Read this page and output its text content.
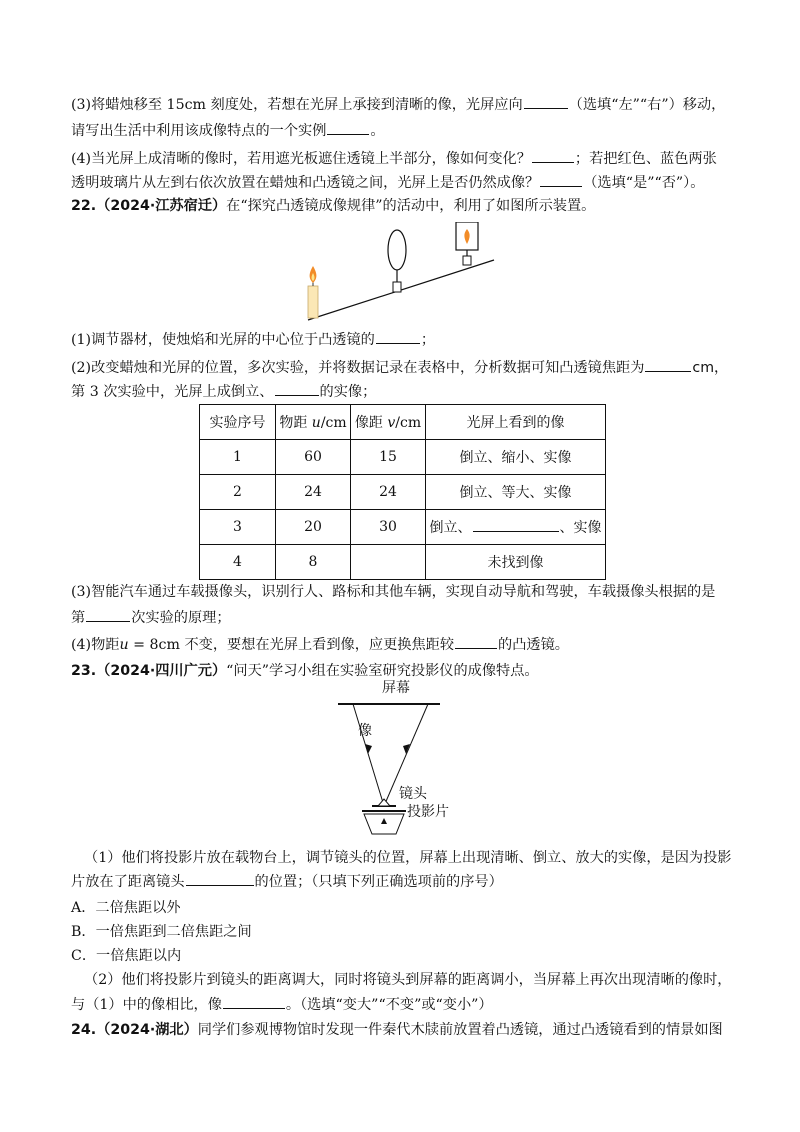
(3)将蜡烛移至 15cm 刻度处，若想在光屏上承接到清晰的像，光屏应向	（选填“左”“右”）移动，
请写出生活中利用该成像特点的一个实例	。
(4)当光屏上成清晰的像时，若用遮光板遮住透镜上半部分，像如何变化？	；若把红色、蓝色两张
透明玻璃片从左到右依次放置在蜡烛和凸透镜之间，光屏上是否仍然成像？	（选填“是”“否”）。
22.（2024·江苏宿迁）在“探究凸透镜成像规律”的活动中，利用了如图所示装置。
(1)调节器材，使烛焰和光屏的中心位于凸透镜的	；
(2)改变蜡烛和光屏的位置，多次实验，并将数据记录在表格中，分析数据可知凸透镜焦距为	cm，
第 3 次实验中，光屏上成倒立、	的实像；
实验序号	物距 u/cm	像距 v/cm	光屏上看到的像
1	60	15	倒立、缩小、实像
2	24	24	倒立、等大、实像
3	20	30	倒立、 、实像
4	8		未找到像
(3)智能汽车通过车载摄像头，识别行人、路标和其他车辆，实现自动导航和驾驶，车载摄像头根据的是
第	次实验的原理；
(4)物距u = 8cm 不变，要想在光屏上看到像，应更换焦距较	的凸透镜。
23.（2024·四川广元）“问天”学习小组在实验室研究投影仪的成像特点。
屏幕
像
镜头
投影片
（1）他们将投影片放在载物台上，调节镜头的位置，屏幕上出现清晰、倒立、放大的实像，是因为投影
片放在了距离镜头	的位置；（只填下列正确选项前的序号）
A．二倍焦距以外
B．一倍焦距到二倍焦距之间
C．一倍焦距以内
（2）他们将投影片到镜头的距离调大，同时将镜头到屏幕的距离调小，当屏幕上再次出现清晰的像时，
与（1）中的像相比，像	。（选填“变大”“不变”或“变小”）
24.（2024·湖北）同学们参观博物馆时发现一件秦代木牍前放置着凸透镜，通过凸透镜看到的情景如图
